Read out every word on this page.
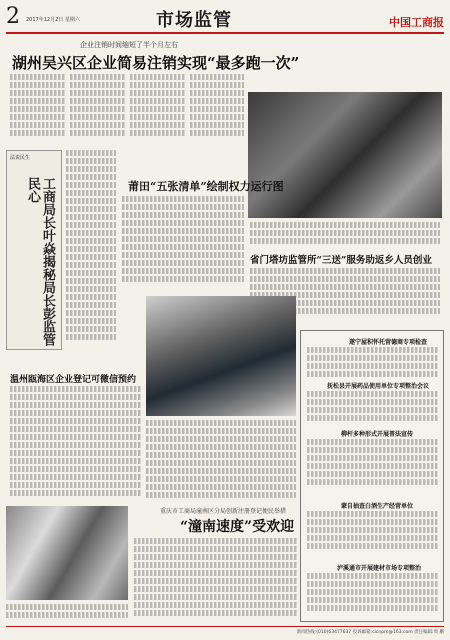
2 2017年12月2日 星期六	市场监管	中国工商报
企业注销时间缩短了半个月左右
湖州吴兴区企业简易注销实现“最多跑一次”
法说民生
工商局长叶焱揭秘局长彭监管民心	莆田“五张清单”绘制权力运行图
省门塔坊监管所“三送”服务助返乡人员创业
温州瓯海区企业登记可微信预约
遂宁屋积怀托营德商专项检查
抚松县开展药品使用单位专项整治会议
柳杆多种形式开展普法宣传
蒙自抽查白酒生产经营单位
泸溪通市开展建材市场专项整治
重庆市工商局潼南区分局创新注册登记便民举措
“潼南速度”受欢迎
新闻热线:(010)63477637 投诉邮箱:cicnpm@163.com 责任编辑:周 鹏
